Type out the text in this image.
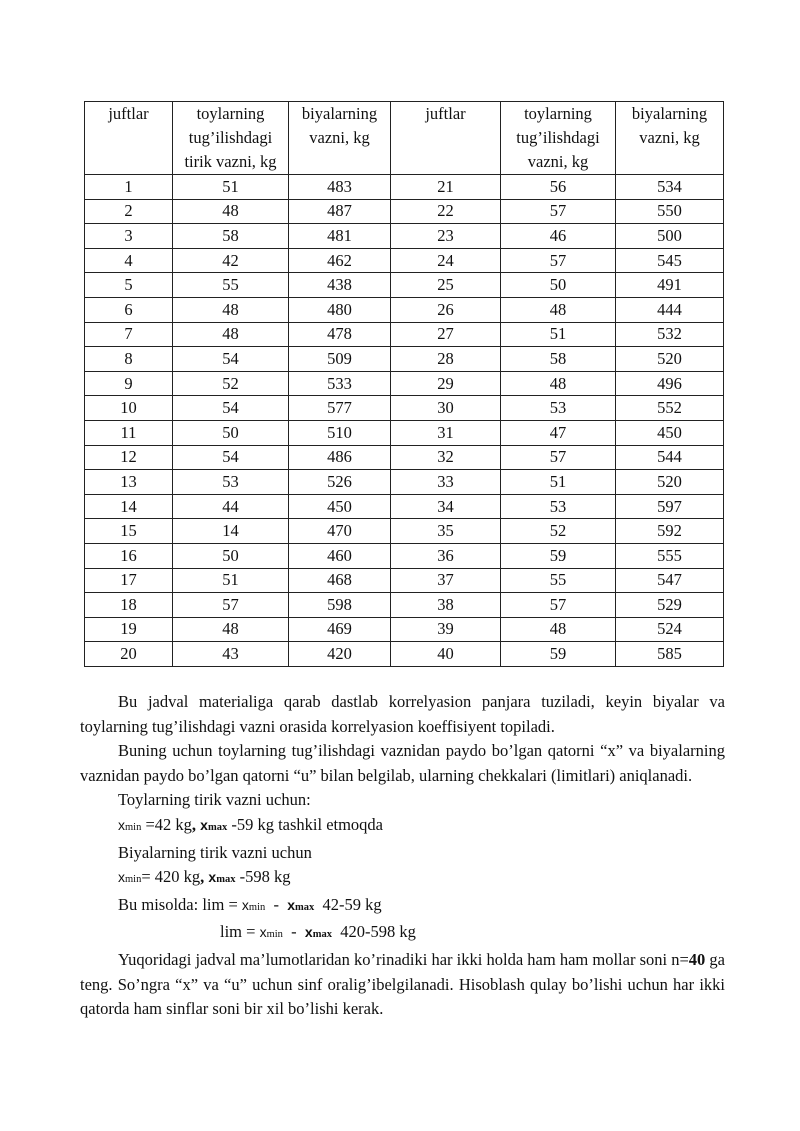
juftlar	toylarning tug’ilishdagi tirik vazni, kg	biyalarning vazni, kg	juftlar	toylarning tug’ilishdagi vazni, kg	biyalarning vazni, kg
1	51	483	21	56	534
2	48	487	22	57	550
3	58	481	23	46	500
4	42	462	24	57	545
5	55	438	25	50	491
6	48	480	26	48	444
7	48	478	27	51	532
8	54	509	28	58	520
9	52	533	29	48	496
10	54	577	30	53	552
11	50	510	31	47	450
12	54	486	32	57	544
13	53	526	33	51	520
14	44	450	34	53	597
15	14	470	35	52	592
16	50	460	36	59	555
17	51	468	37	55	547
18	57	598	38	57	529
19	48	469	39	48	524
20	43	420	40	59	585

Bu jadval materialiga qarab dastlab korrelyasion panjara tuziladi, keyin biyalar va toylarning tug’ilishdagi vazni orasida korrelyasion koeffisiyent topiladi.

Buning uchun toylarning tug’ilishdagi vaznidan paydo bo’lgan qatorni “x” va biyalarning vaznidan paydo bo’lgan qatorni “u” bilan belgilab, ularning chekkalari (limitlari) aniqlanadi.

Toylarning tirik vazni uchun:

xmin =42 kg, xmax -59 kg tashkil etmoqda

Biyalarning tirik vazni uchun

xmin= 420 kg, xmax -598 kg

Bu misolda: lim = xmin  -  xmax 42-59 kg

lim = xmin  -  xmax 420-598 kg

Yuqoridagi jadval ma’lumotlaridan ko’rinadiki har ikki holda ham ham mollar soni n=40 ga teng. So’ngra “x” va “u” uchun sinf oralig’ibelgilanadi. Hisoblash qulay bo’lishi uchun har ikki qatorda ham sinflar soni bir xil bo’lishi kerak.
